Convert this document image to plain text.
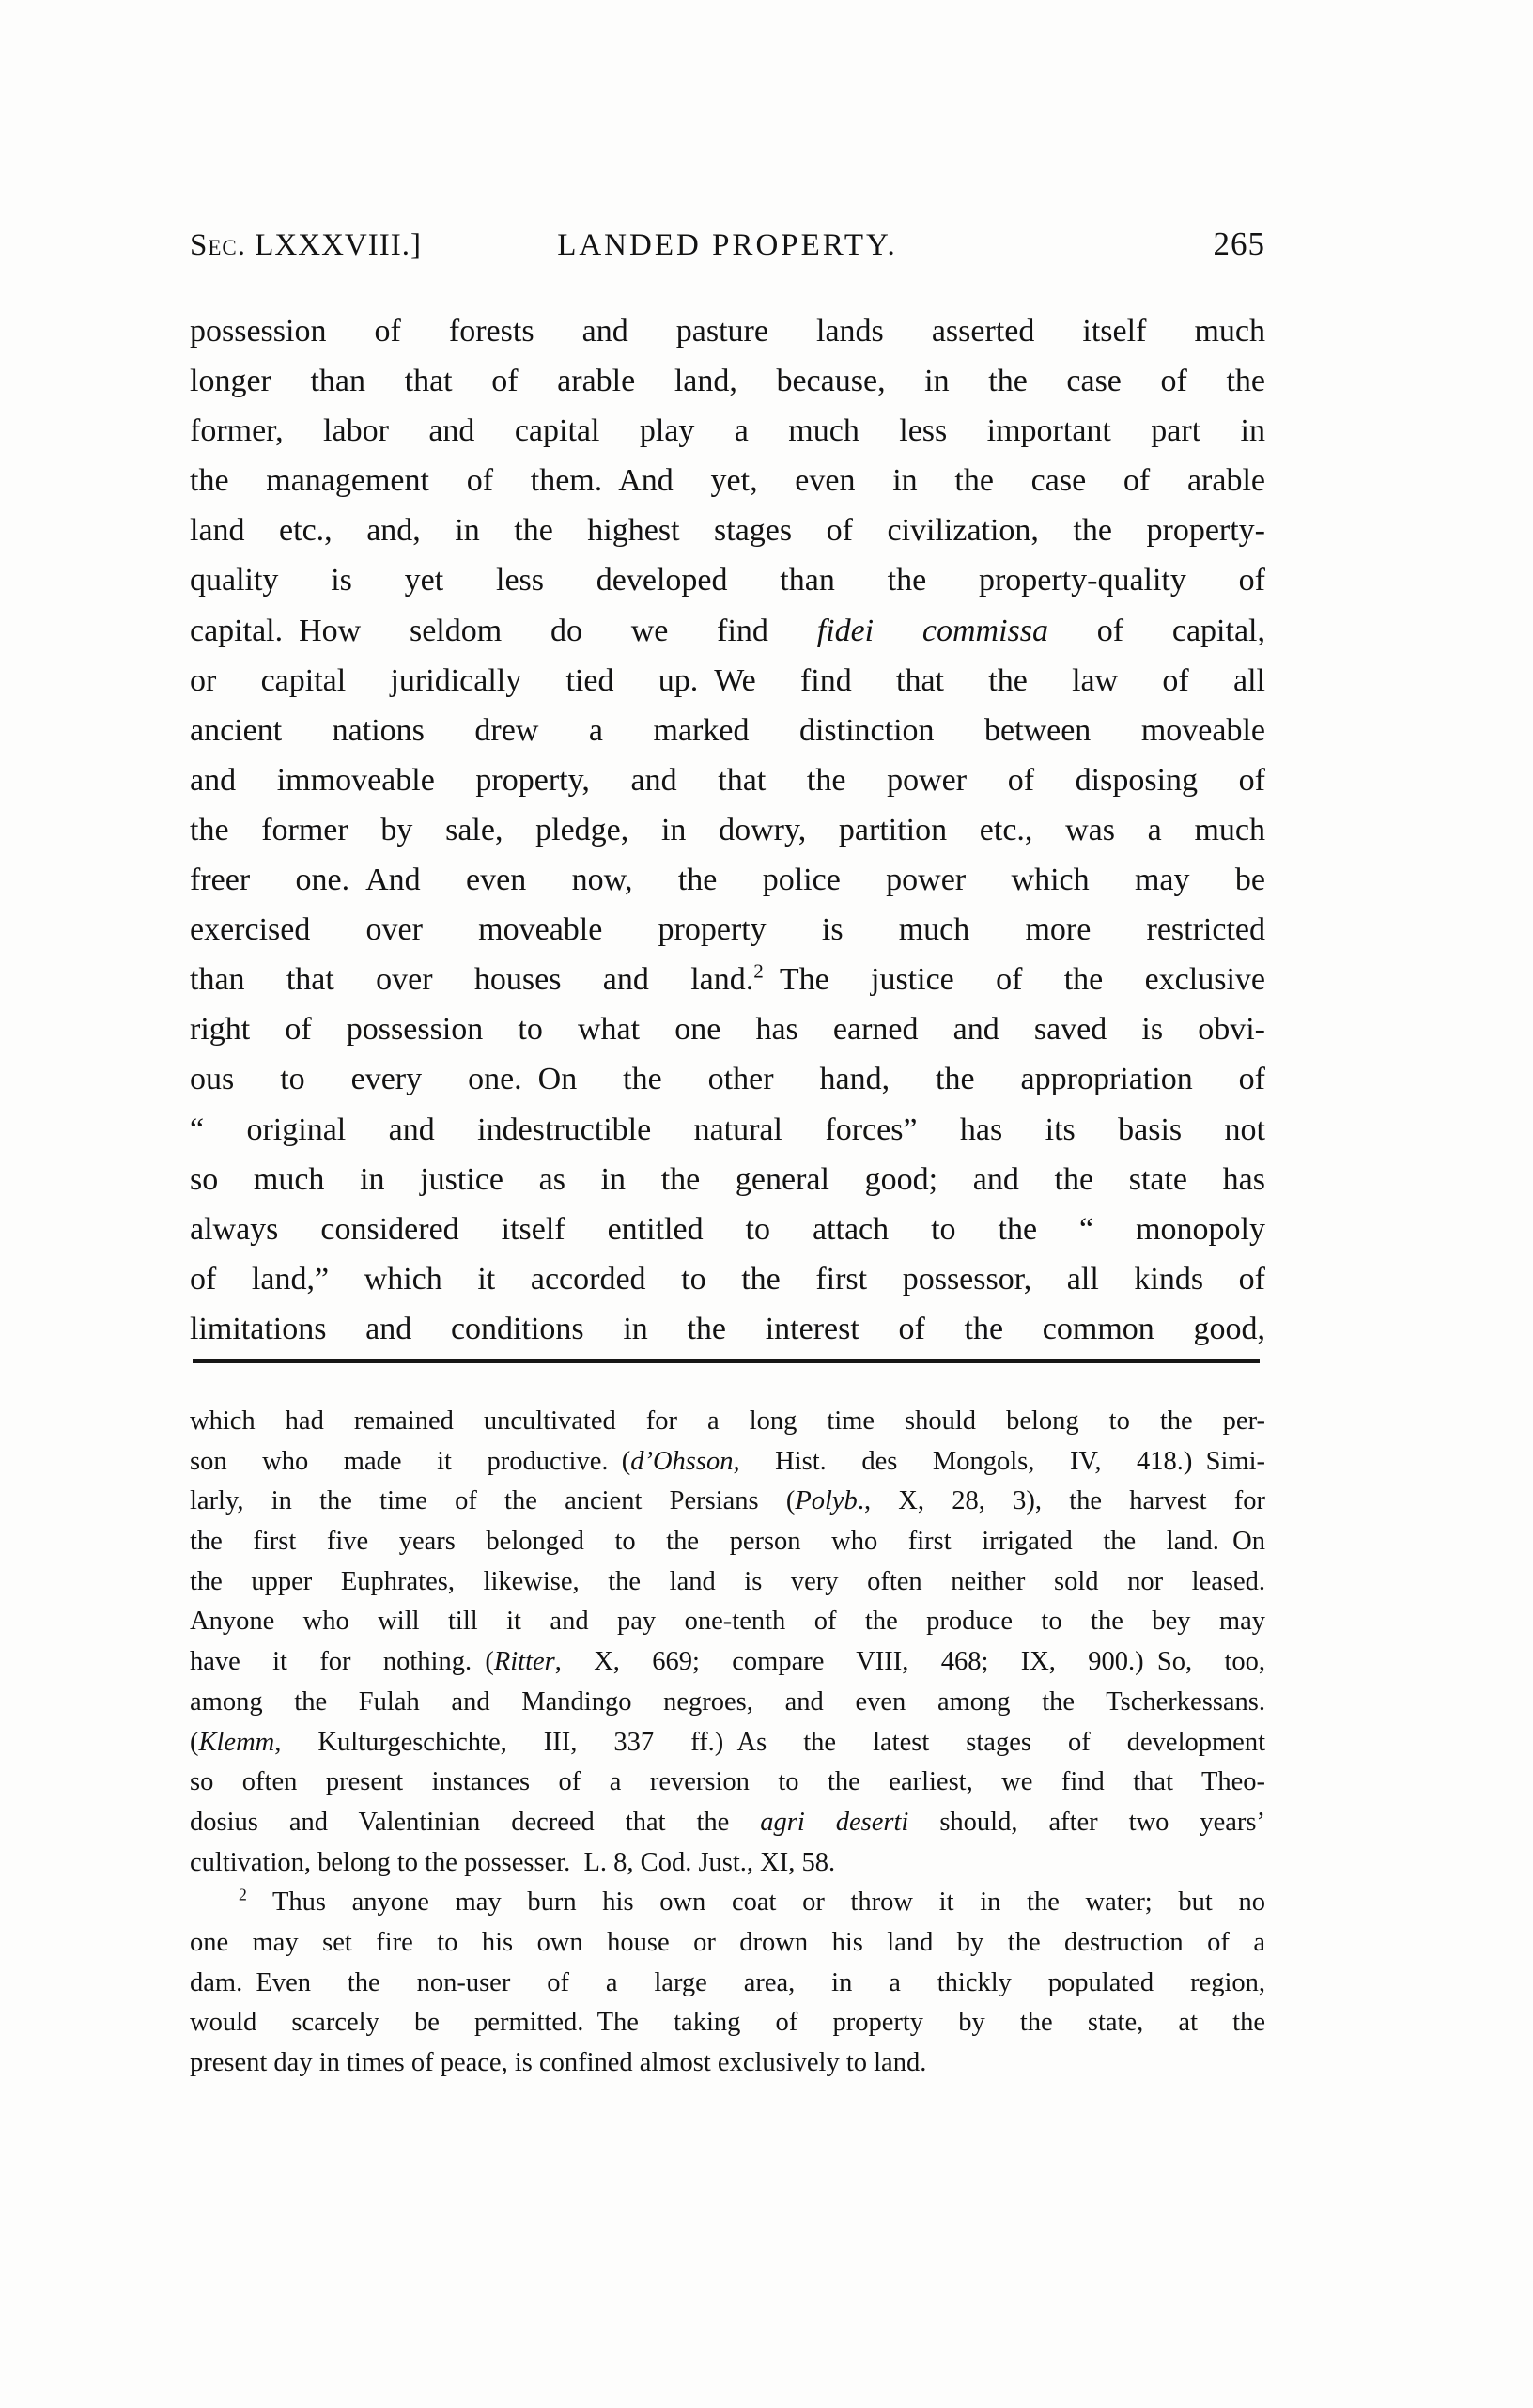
Sec. LXXXVIII.]	LANDED PROPERTY.	265
possession of forests and pasture lands asserted itself much
longer than that of arable land, because, in the case of the
former, labor and capital play a much less important part in
the management of them. And yet, even in the case of arable
land etc., and, in the highest stages of civilization, the property-
quality is yet less developed than the property-quality of
capital. How seldom do we find fidei commissa of capital,
or capital juridically tied up. We find that the law of all
ancient nations drew a marked distinction between moveable
and immoveable property, and that the power of disposing of
the former by sale, pledge, in dowry, partition etc., was a much
freer one. And even now, the police power which may be
exercised over moveable property is much more restricted
than that over houses and land.$^2$ The justice of the exclusive
right of possession to what one has earned and saved is obvi-
ous to every one. On the other hand, the appropriation of
“ original and indestructible natural forces” has its basis not
so much in justice as in the general good; and the state has
always considered itself entitled to attach to the “ monopoly
of land,” which it accorded to the first possessor, all kinds of
limitations and conditions in the interest of the common good,
which had remained uncultivated for a long time should belong to the per-
son who made it productive. (d’Ohsson, Hist. des Mongols, IV, 418.) Simi-
larly, in the time of the ancient Persians (Polyb., X, 28, 3), the harvest for
the first five years belonged to the person who first irrigated the land. On
the upper Euphrates, likewise, the land is very often neither sold nor leased.
Anyone who will till it and pay one-tenth of the produce to the bey may
have it for nothing. (Ritter, X, 669; compare VIII, 468; IX, 900.) So, too,
among the Fulah and Mandingo negroes, and even among the Tscherkessans.
(Klemm, Kulturgeschichte, III, 337 ff.) As the latest stages of development
so often present instances of a reversion to the earliest, we find that Theo-
dosius and Valentinian decreed that the agri deserti should, after two years’
cultivation, belong to the possesser. L. 8, Cod. Just., XI, 58.
$^2$ Thus anyone may burn his own coat or throw it in the water; but no
one may set fire to his own house or drown his land by the destruction of a
dam. Even the non-user of a large area, in a thickly populated region,
would scarcely be permitted. The taking of property by the state, at the
present day in times of peace, is confined almost exclusively to land.
